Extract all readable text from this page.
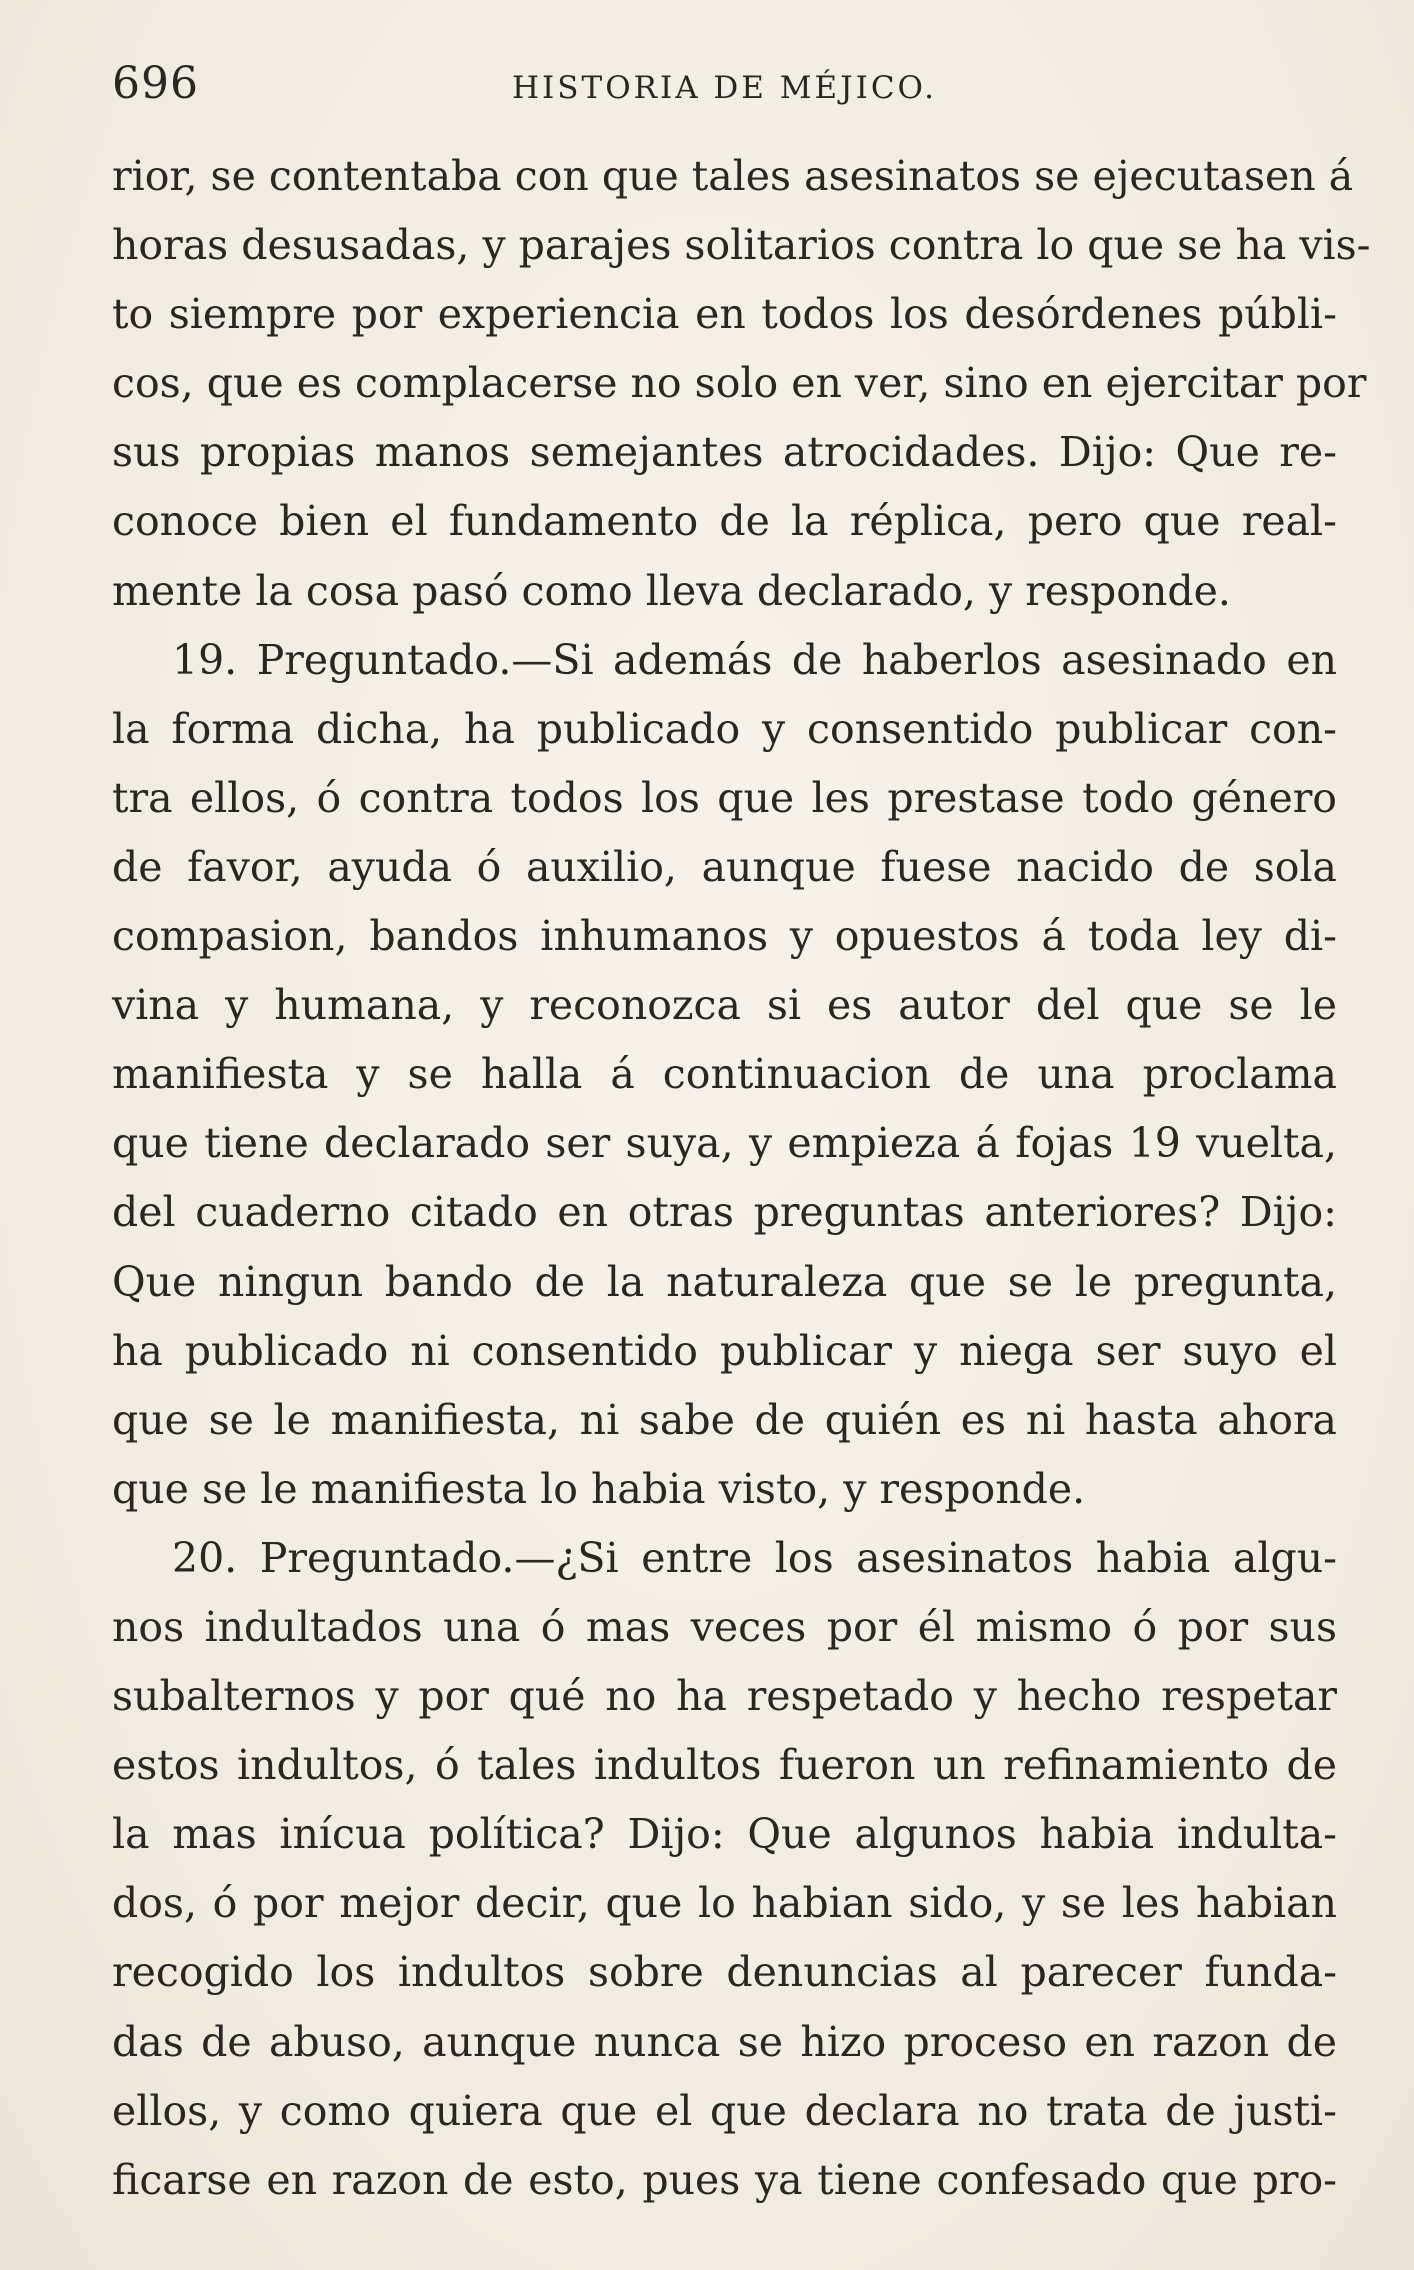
696	HISTORIA DE MÉJICO.
rior, se contentaba con que tales asesinatos se ejecutasen á
horas desusadas, y parajes solitarios contra lo que se ha vis-
to siempre por experiencia en todos los desórdenes públi-
cos, que es complacerse no solo en ver, sino en ejercitar por
sus propias manos semejantes atrocidades. Dijo: Que re-
conoce bien el fundamento de la réplica, pero que real-
mente la cosa pasó como lleva declarado, y responde.
19. Preguntado.—Si además de haberlos asesinado en
la forma dicha, ha publicado y consentido publicar con-
tra ellos, ó contra todos los que les prestase todo género
de favor, ayuda ó auxilio, aunque fuese nacido de sola
compasion, bandos inhumanos y opuestos á toda ley di-
vina y humana, y reconozca si es autor del que se le
manifiesta y se halla á continuacion de una proclama
que tiene declarado ser suya, y empieza á fojas 19 vuelta,
del cuaderno citado en otras preguntas anteriores? Dijo:
Que ningun bando de la naturaleza que se le pregunta,
ha publicado ni consentido publicar y niega ser suyo el
que se le manifiesta, ni sabe de quién es ni hasta ahora
que se le manifiesta lo habia visto, y responde.
20. Preguntado.—¿Si entre los asesinatos habia algu-
nos indultados una ó mas veces por él mismo ó por sus
subalternos y por qué no ha respetado y hecho respetar
estos indultos, ó tales indultos fueron un refinamiento de
la mas inícua política? Dijo: Que algunos habia indulta-
dos, ó por mejor decir, que lo habian sido, y se les habian
recogido los indultos sobre denuncias al parecer funda-
das de abuso, aunque nunca se hizo proceso en razon de
ellos, y como quiera que el que declara no trata de justi-
ficarse en razon de esto, pues ya tiene confesado que pro-
